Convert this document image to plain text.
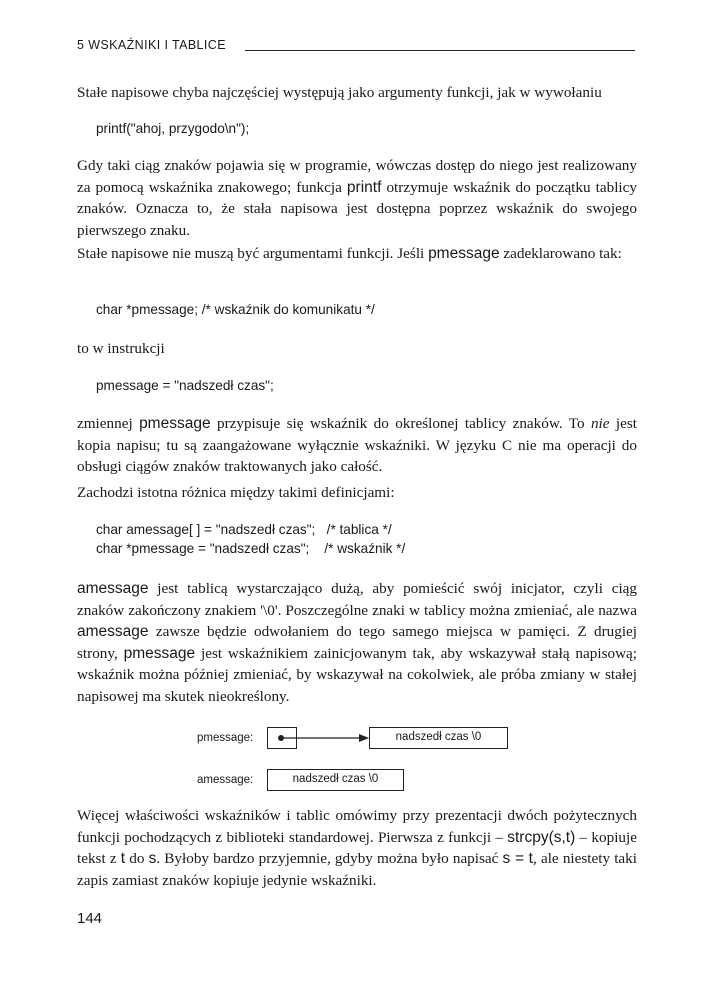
5 WSKAŹNIKI I TABLICE

Stałe napisowe chyba najczęściej występują jako argumenty funkcji, jak w wywołaniu

printf("ahoj, przygodo\n");

Gdy taki ciąg znaków pojawia się w programie, wówczas dostęp do niego jest realizowany za pomocą wskaźnika znakowego; funkcja printf otrzymuje wskaźnik do początku tablicy znaków. Oznacza to, że stała napisowa jest dostępna poprzez wskaźnik do swojego pierwszego znaku.

Stałe napisowe nie muszą być argumentami funkcji. Jeśli pmessage zadeklarowano tak:

char *pmessage; /* wskaźnik do komunikatu */

to w instrukcji

pmessage = "nadszedł czas";

zmiennej pmessage przypisuje się wskaźnik do określonej tablicy znaków. To nie jest kopia napisu; tu są zaangażowane wyłącznie wskaźniki. W języku C nie ma operacji do obsługi ciągów znaków traktowanych jako całość.

Zachodzi istotna różnica między takimi definicjami:

char amessage[ ] = "nadszedł czas";   /* tablica */
char *pmessage = "nadszedł czas";    /* wskaźnik */

amessage jest tablicą wystarczająco dużą, aby pomieścić swój inicjator, czyli ciąg znaków zakończony znakiem '\0'. Poszczególne znaki w tablicy można zmieniać, ale nazwa amessage zawsze będzie odwołaniem do tego samego miejsca w pamięci. Z drugiej strony, pmessage jest wskaźnikiem zainicjowanym tak, aby wskazywał stałą napisową; wskaźnik można później zmieniać, by wskazywał na cokolwiek, ale próba zmiany w stałej napisowej ma skutek nieokreślony.

pmessage:	nadszedł czas \0
amessage:	nadszedł czas \0

Więcej właściwości wskaźników i tablic omówimy przy prezentacji dwóch pożytecznych funkcji pochodzących z biblioteki standardowej. Pierwsza z funkcji – strcpy(s,t) – kopiuje tekst z t do s. Byłoby bardzo przyjemnie, gdyby można było napisać s = t, ale niestety taki zapis zamiast znaków kopiuje jedynie wskaźniki.

144
